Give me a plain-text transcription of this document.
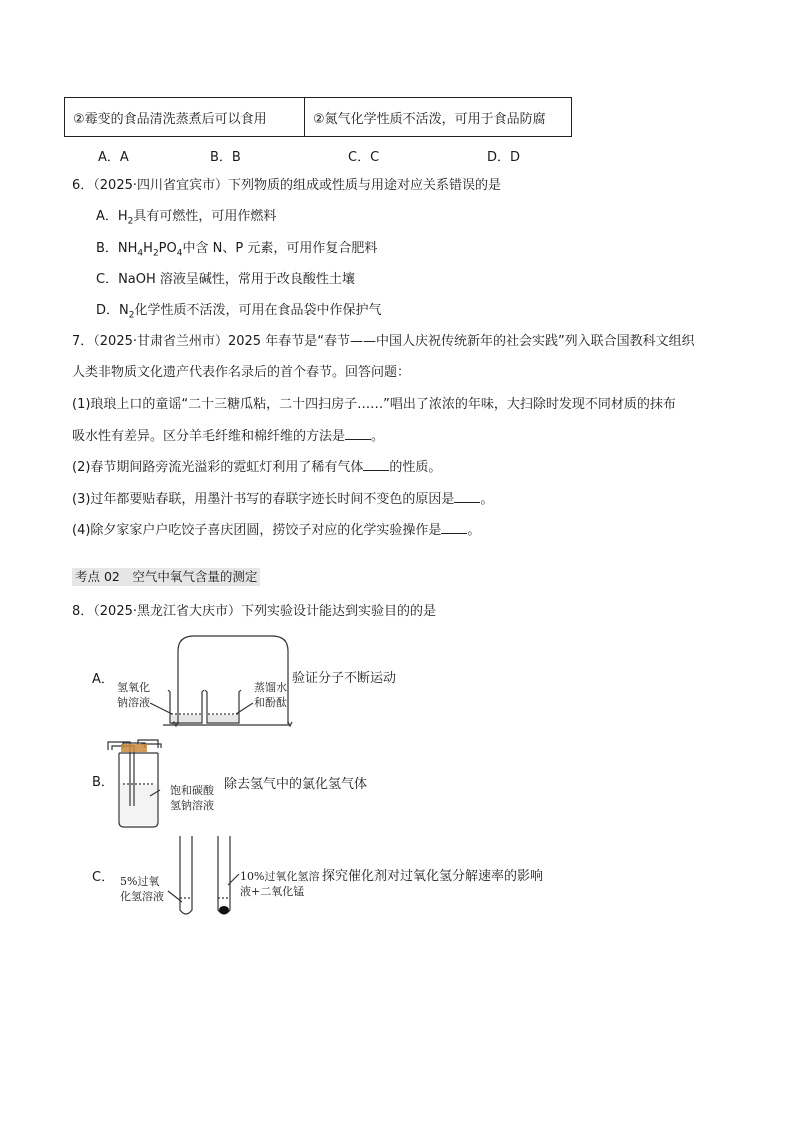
②霉变的食品清洗蒸煮后可以食用	②氮气化学性质不活泼，可用于食品防腐
A．A	B．B	C．C	D．D
6．（2025·四川省宜宾市）下列物质的组成或性质与用途对应关系错误的是
A．$H_2$具有可燃性，可用作燃料
B．$NH_4H_2PO_4$中含 N、P 元素，可用作复合肥料
C．NaOH 溶液呈碱性，常用于改良酸性土壤
D．$N_2$化学性质不活泼，可用在食品袋中作保护气
7．（2025·甘肃省兰州市）2025 年春节是“春节——中国人庆祝传统新年的社会实践”列入联合国教科文组织
人类非物质文化遗产代表作名录后的首个春节。回答问题：
(1)琅琅上口的童谣“二十三糖瓜粘，二十四扫房子……”唱出了浓浓的年味，大扫除时发现不同材质的抹布
吸水性有差异。区分羊毛纤维和棉纤维的方法是 。
(2)春节期间路旁流光溢彩的霓虹灯利用了稀有气体 的性质。
(3)过年都要贴春联，用墨汁书写的春联字迹长时间不变色的原因是 。
(4)除夕家家户户吃饺子喜庆团圆，捞饺子对应的化学实验操作是 。
考点 02　空气中氧气含量的测定
8．（2025·黑龙江省大庆市）下列实验设计能达到实验目的的是
A．
氢氧化
钠溶液
蒸馏水
和酚酞
验证分子不断运动
B．
饱和碳酸
氢钠溶液
除去氢气中的氯化氢气体
C． 5%过氧
化氢溶液
10%过氧化氢溶
液+二氧化锰
探究催化剂对过氧化氢分解速率的影响
